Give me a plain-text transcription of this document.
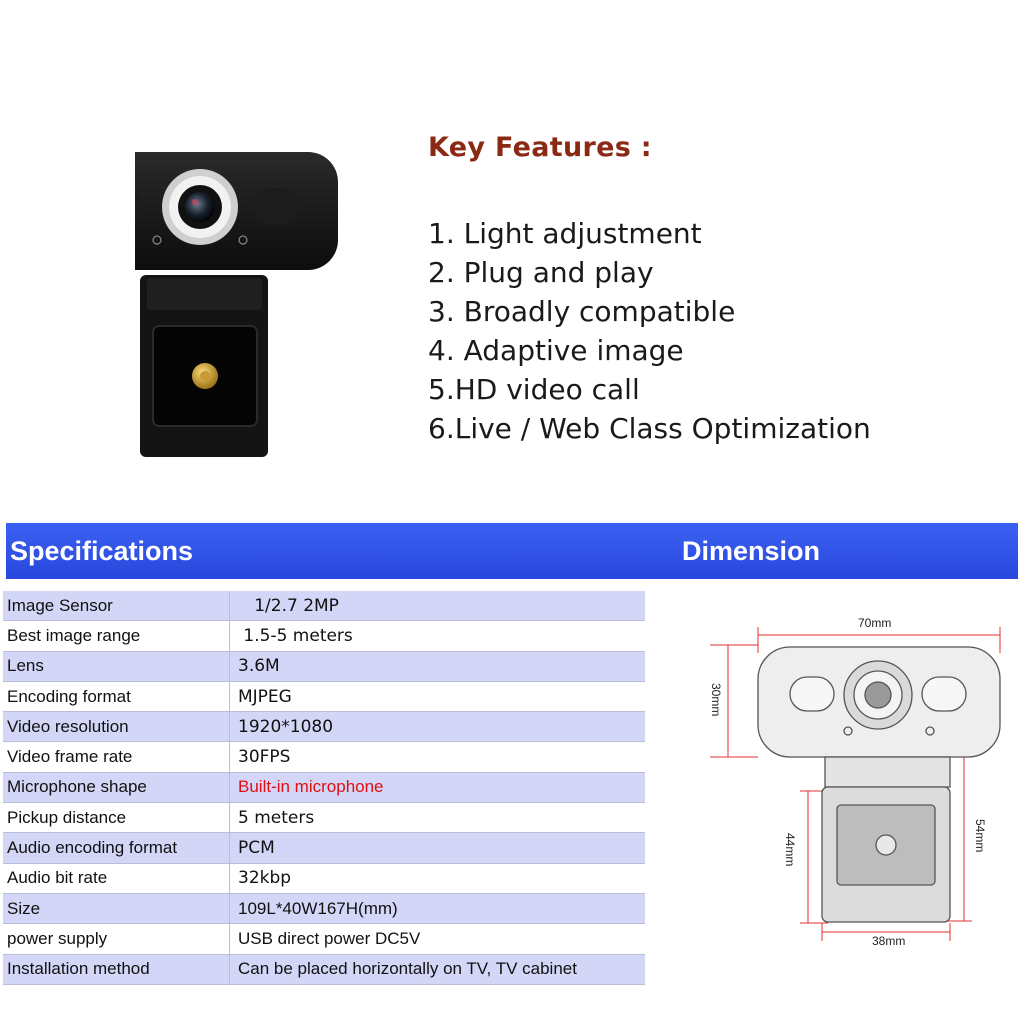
Key Features :
1. Light adjustment
2. Plug and play
3. Broadly compatible
4. Adaptive image
5.HD video call
6.Live / Web Class Optimization
Specifications	Dimension
Image Sensor	1/2.7 2MP
Best image range	1.5-5 meters
Lens	3.6M
Encoding format	MJPEG
Video resolution	1920*1080
Video frame rate	30FPS
Microphone shape	Built-in microphone
Pickup distance	5 meters
Audio encoding format	PCM
Audio bit rate	32kbp
Size	109L*40W167H(mm)
power supply	USB direct power DC5V
Installation method	Can be placed horizontally on TV, TV cabinet
70mm
30mm
44mm	54mm
38mm
